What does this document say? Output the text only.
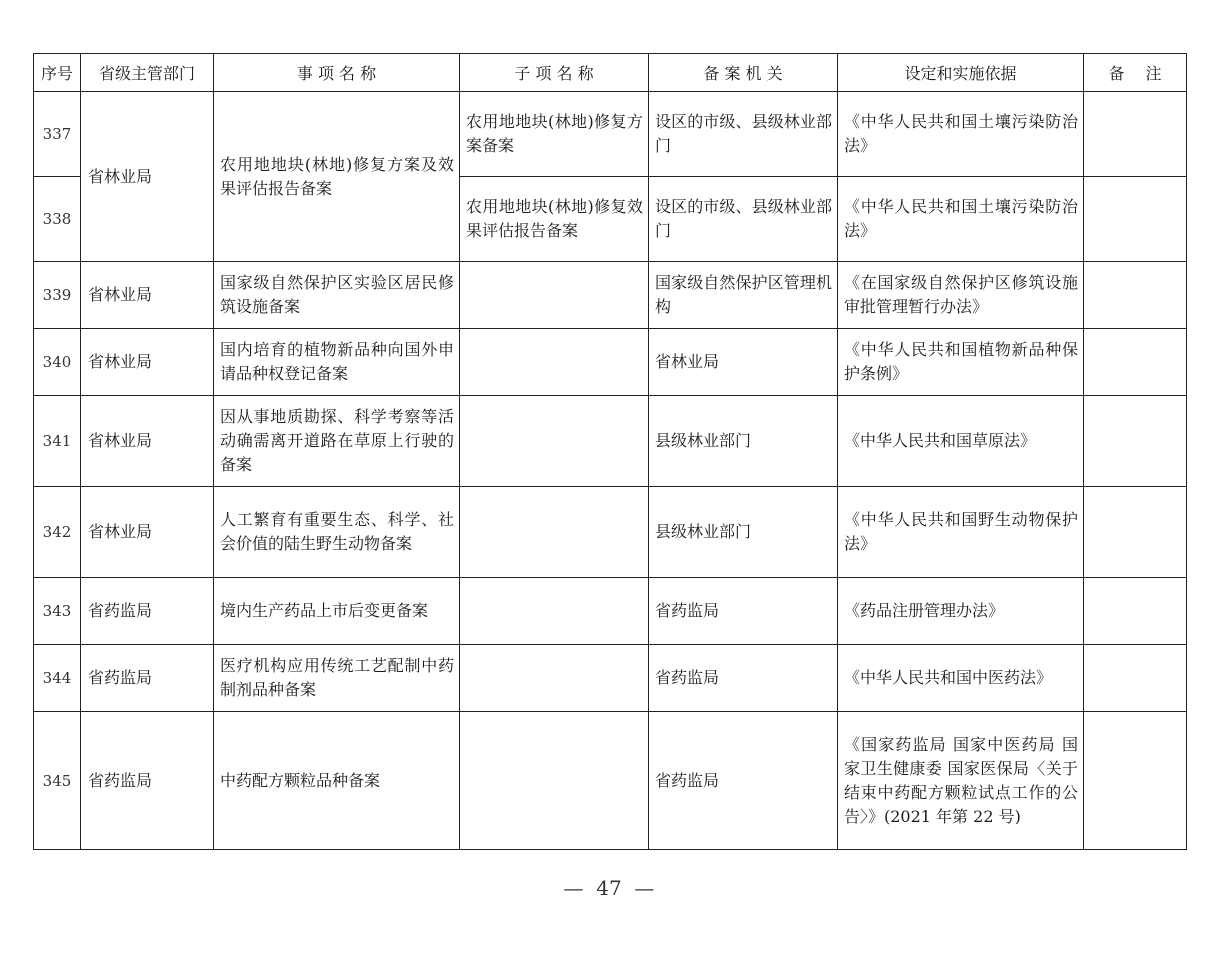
序号	省级主管部门	事 项 名 称	子 项 名 称	备 案 机 关	设定和实施依据	备　 注
337	省林业局	农用地地块(林地)修复方案及效果评估报告备案	农用地地块(林地)修复方案备案	设区的市级、县级林业部门	《中华人民共和国土壤污染防治法》	
338			农用地地块(林地)修复效果评估报告备案	设区的市级、县级林业部门	《中华人民共和国土壤污染防治法》	
339	省林业局	国家级自然保护区实验区居民修筑设施备案		国家级自然保护区管理机构	《在国家级自然保护区修筑设施审批管理暂行办法》	
340	省林业局	国内培育的植物新品种向国外申请品种权登记备案		省林业局	《中华人民共和国植物新品种保护条例》	
341	省林业局	因从事地质勘探、科学考察等活动确需离开道路在草原上行驶的备案		县级林业部门	《中华人民共和国草原法》	
342	省林业局	人工繁育有重要生态、科学、社会价值的陆生野生动物备案		县级林业部门	《中华人民共和国野生动物保护法》	
343	省药监局	境内生产药品上市后变更备案		省药监局	《药品注册管理办法》	
344	省药监局	医疗机构应用传统工艺配制中药制剂品种备案		省药监局	《中华人民共和国中医药法》	
345	省药监局	中药配方颗粒品种备案		省药监局	《国家药监局 国家中医药局 国家卫生健康委 国家医保局〈关于结束中药配方颗粒试点工作的公告〉》(2021 年第 22 号)	
—  47  —
